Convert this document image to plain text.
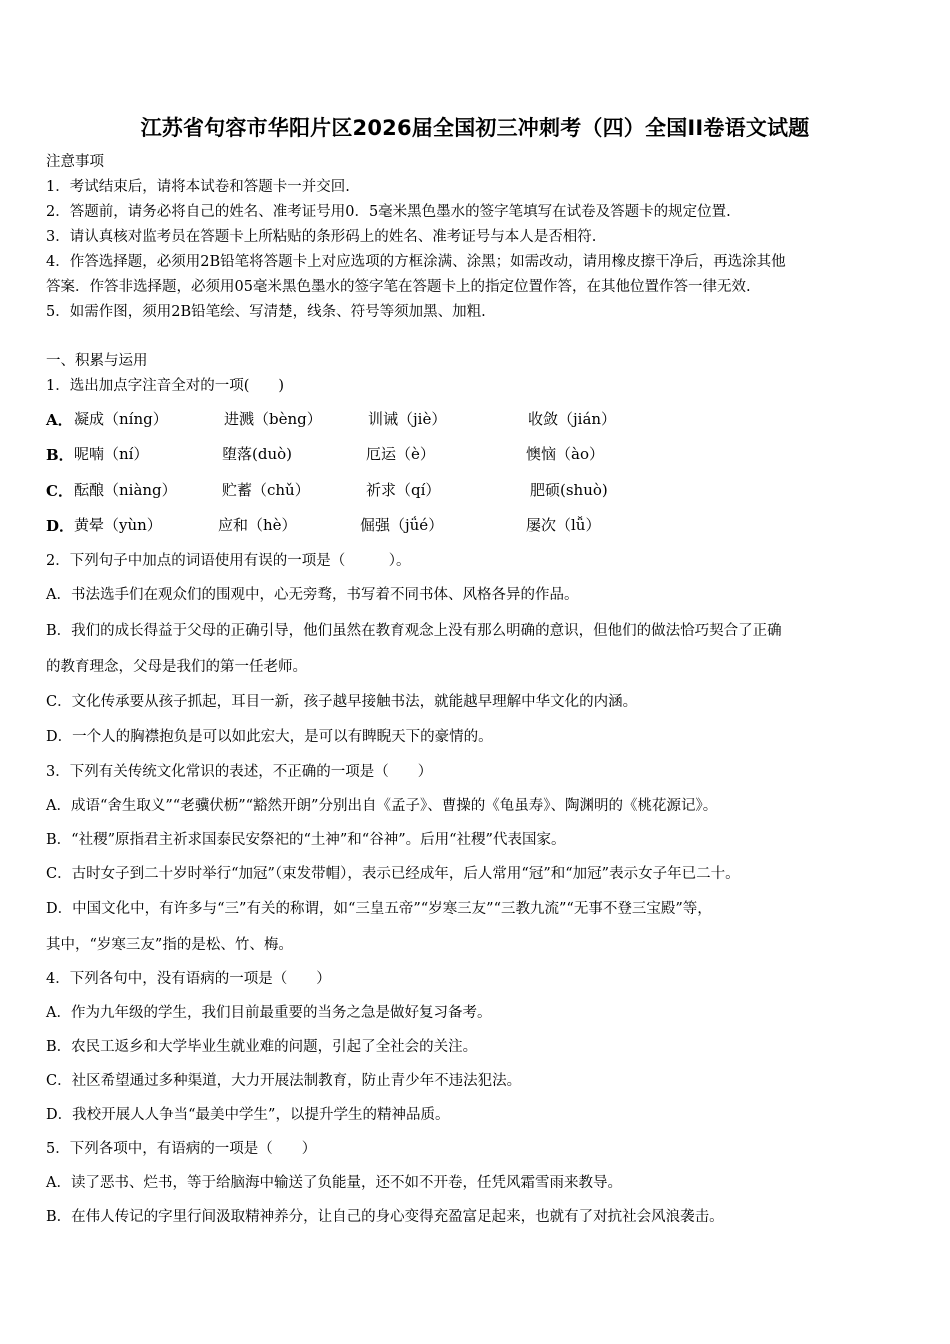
江苏省句容市华阳片区2026届全国初三冲刺考（四）全国II卷语文试题
注意事项
1．考试结束后，请将本试卷和答题卡一并交回.
2．答题前，请务必将自己的姓名、准考证号用0．5毫米黑色墨水的签字笔填写在试卷及答题卡的规定位置.
3．请认真核对监考员在答题卡上所粘贴的条形码上的姓名、准考证号与本人是否相符.
4．作答选择题，必须用2B铅笔将答题卡上对应选项的方框涂满、涂黑；如需改动，请用橡皮擦干净后，再选涂其他
答案．作答非选择题，必须用05毫米黑色墨水的签字笔在答题卡上的指定位置作答，在其他位置作答一律无效.
5．如需作图，须用2B铅笔绘、写清楚，线条、符号等须加黑、加粗.
一、积累与运用
1．选出加点字注音全对的一项(　　)
A． 凝成（níng）	进溅（bèng）	训诫（jiè）	收敛（jián）
B． 呢喃（ní）	堕落(duò)	厄运（è）	懊恼（ào）
C． 酝酿（niàng）	贮蓄（chǔ）	祈求（qí）	肥硕(shuò)
D． 黄晕（yùn）	应和（hè）	倔强（jǘé）	屡次（lǚ）
2．下列句子中加点的词语使用有误的一项是（　　　）。
A．书法选手们在观众们的围观中，心无旁骛，书写着不同书体、风格各异的作品。
B．我们的成长得益于父母的正确引导，他们虽然在教育观念上没有那么明确的意识，但他们的做法恰巧契合了正确
的教育理念，父母是我们的第一任老师。
C．文化传承要从孩子抓起，耳目一新，孩子越早接触书法，就能越早理解中华文化的内涵。
D．一个人的胸襟抱负是可以如此宏大，是可以有睥睨天下的豪情的。
3．下列有关传统文化常识的表述，不正确的一项是（　　）
A．成语“舍生取义”“老骥伏枥”“豁然开朗”分别出自《孟子》、曹操的《龟虽寿》、陶渊明的《桃花源记》。
B．“社稷”原指君主祈求国泰民安祭祀的“土神”和“谷神”。后用“社稷”代表国家。
C．古时女子到二十岁时举行“加冠”（束发带帽），表示已经成年，后人常用“冠”和“加冠”表示女子年已二十。
D．中国文化中，有许多与“三”有关的称谓，如“三皇五帝”“岁寒三友”“三教九流”“无事不登三宝殿”等，
其中，“岁寒三友”指的是松、竹、梅。
4．下列各句中，没有语病的一项是（　　）
A．作为九年级的学生，我们目前最重要的当务之急是做好复习备考。
B．农民工返乡和大学毕业生就业难的问题，引起了全社会的关注。
C．社区希望通过多种渠道，大力开展法制教育，防止青少年不违法犯法。
D．我校开展人人争当“最美中学生”，以提升学生的精神品质。
5．下列各项中，有语病的一项是（　　）
A．读了恶书、烂书，等于给脑海中输送了负能量，还不如不开卷，任凭风霜雪雨来教导。
B．在伟人传记的字里行间汲取精神养分，让自己的身心变得充盈富足起来，也就有了对抗社会风浪袭击。
